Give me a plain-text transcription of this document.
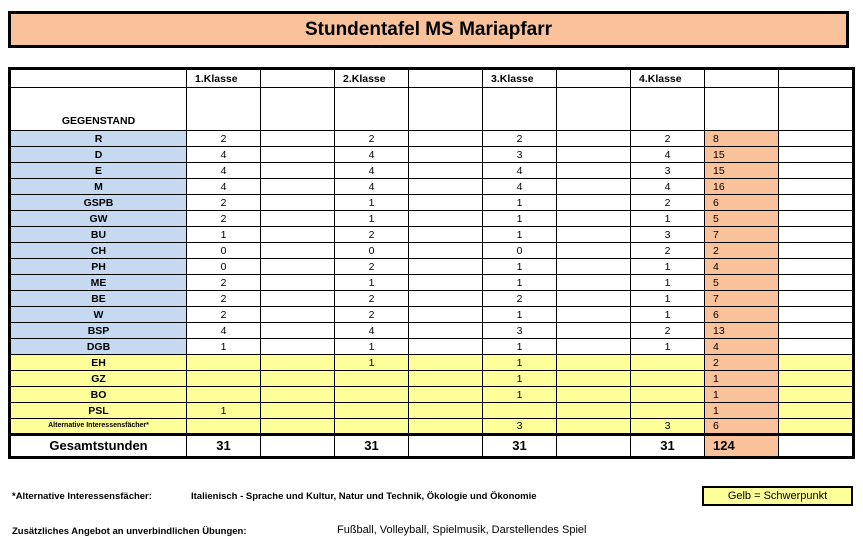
Stundentafel MS Mariapfarr
	1.Klasse		2.Klasse		3.Klasse		4.Klasse		
GEGENSTAND									
R	2		2		2		2	8	
D	4		4		3		4	15	
E	4		4		4		3	15	
M	4		4		4		4	16	
GSPB	2		1		1		2	6	
GW	2		1		1		1	5	
BU	1		2		1		3	7	
CH	0		0		0		2	2	
PH	0		2		1		1	4	
ME	2		1		1		1	5	
BE	2		2		2		1	7	
W	2		2		1		1	6	
BSP	4		4		3		2	13	
DGB	1		1		1		1	4	
EH			1		1			2	
GZ					1			1	
BO					1			1	
PSL	1							1	
Alternative Interessensfächer*					3		3	6	
Gesamtstunden	31		31		31		31	124	
*Alternative Interessensfächer:	Italienisch - Sprache und Kultur, Natur und Technik, Ökologie und Ökonomie	Gelb = Schwerpunkt
Zusätzliches Angebot an unverbindlichen Übungen:	Fußball, Volleyball, Spielmusik, Darstellendes Spiel
